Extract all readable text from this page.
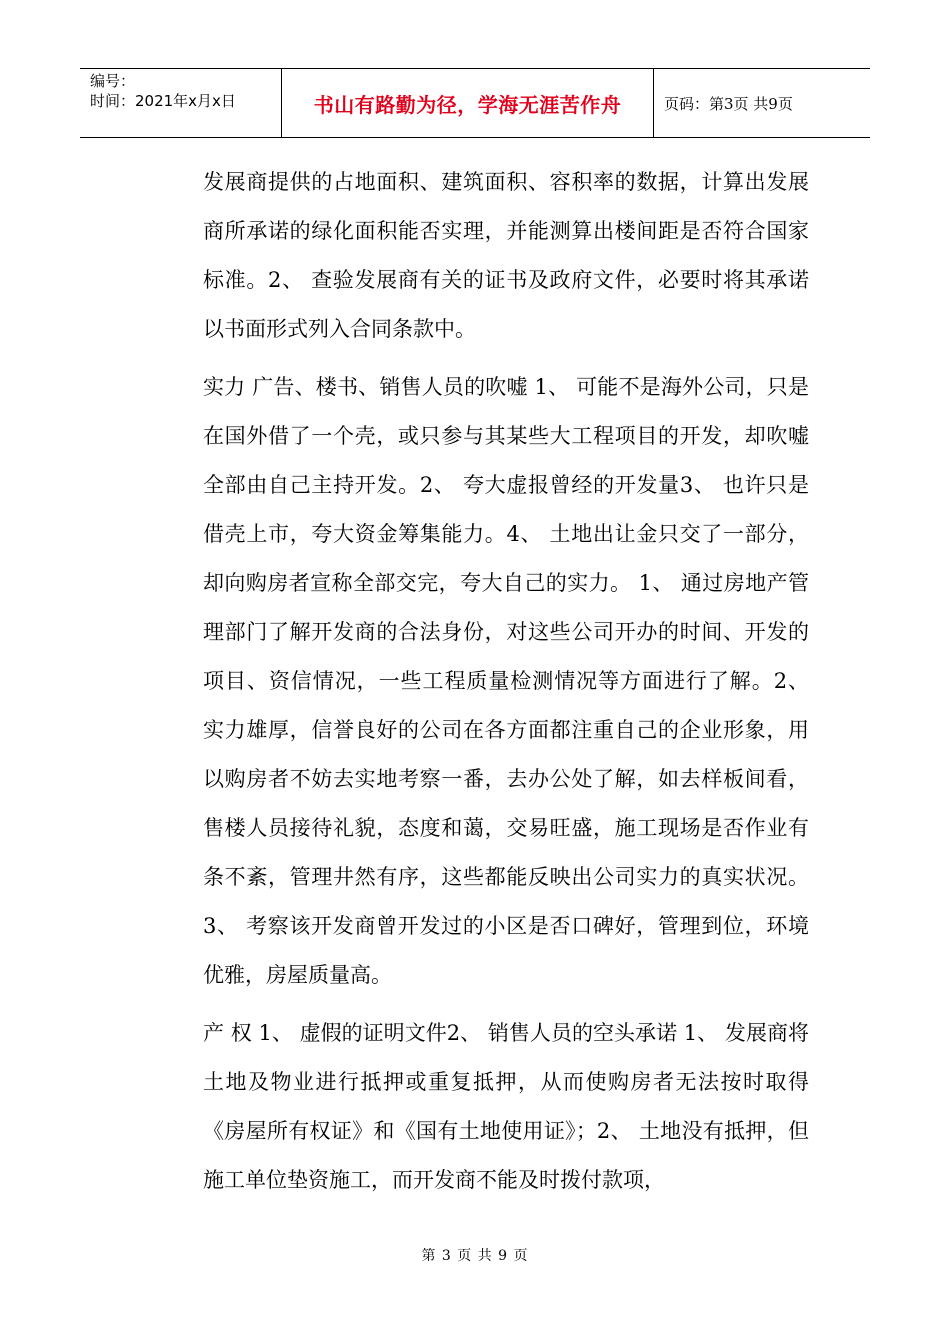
编号：
时间：2021年x月x日	书山有路勤为径，学海无涯苦作舟	页码：第3页 共9页

发展商提供的占地面积、建筑面积、容积率的数据，计算出发展商所承诺的绿化面积能否实理，并能测算出楼间距是否符合国家标准。2、 查验发展商有关的证书及政府文件，必要时将其承诺以书面形式列入合同条款中。

实力 广告、楼书、销售人员的吹嘘 1、 可能不是海外公司，只是在国外借了一个壳，或只参与其某些大工程项目的开发，却吹嘘全部由自己主持开发。2、 夸大虚报曾经的开发量3、 也许只是借壳上市，夸大资金筹集能力。4、 土地出让金只交了一部分，却向购房者宣称全部交完，夸大自己的实力。 1、 通过房地产管理部门了解开发商的合法身份，对这些公司开办的时间、开发的项目、资信情况，一些工程质量检测情况等方面进行了解。2、 实力雄厚，信誉良好的公司在各方面都注重自己的企业形象，用以购房者不妨去实地考察一番，去办公处了解，如去样板间看，售楼人员接待礼貌，态度和蔼，交易旺盛，施工现场是否作业有条不紊，管理井然有序，这些都能反映出公司实力的真实状况。3、 考察该开发商曾开发过的小区是否口碑好，管理到位，环境优雅，房屋质量高。

产 权 1、 虚假的证明文件2、 销售人员的空头承诺 1、 发展商将土地及物业进行抵押或重复抵押，从而使购房者无法按时取得《房屋所有权证》和《国有土地使用证》；2、 土地没有抵押，但施工单位垫资施工，而开发商不能及时拨付款项，

第 3 页 共 9 页
